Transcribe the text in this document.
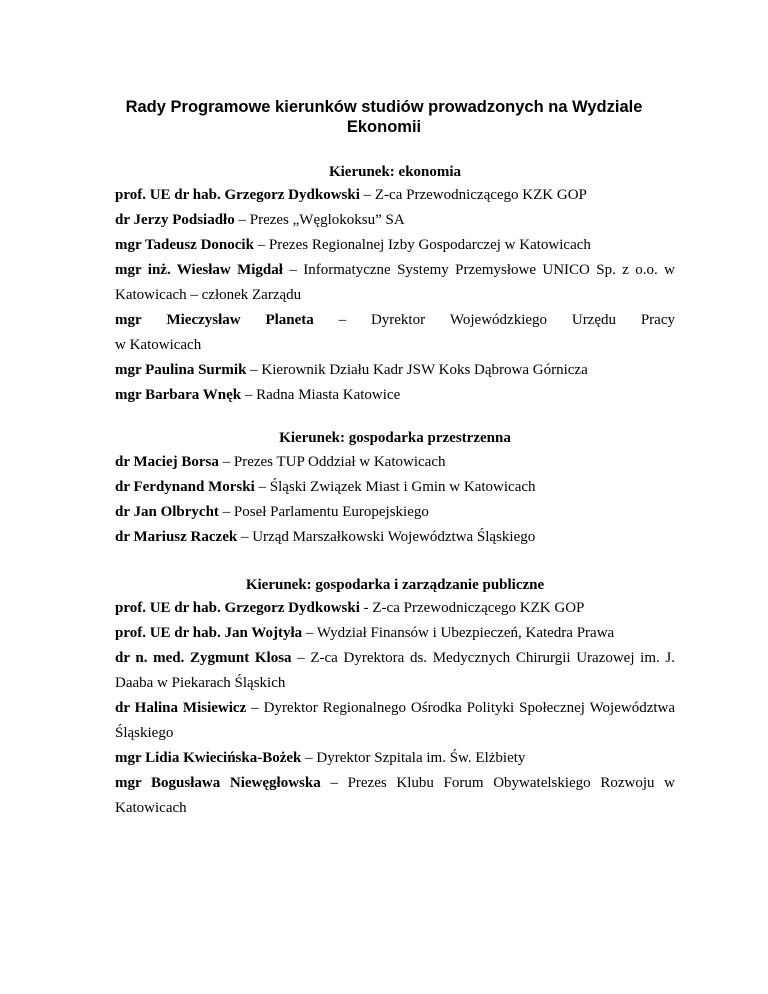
Rady Programowe kierunków studiów prowadzonych na Wydziale Ekonomii
Kierunek: ekonomia
prof. UE dr hab. Grzegorz Dydkowski – Z-ca Przewodniczącego KZK GOP
dr Jerzy Podsiadło – Prezes „Węglokoksu” SA
mgr Tadeusz Donocik – Prezes Regionalnej Izby Gospodarczej w Katowicach
mgr inż. Wiesław Migdał – Informatyczne Systemy Przemysłowe UNICO Sp. z o.o. w Katowicach – członek Zarządu
mgr Mieczysław Planeta – Dyrektor Wojewódzkiego Urzędu Pracy
w Katowicach
mgr Paulina Surmik – Kierownik Działu Kadr JSW Koks Dąbrowa Górnicza
mgr Barbara Wnęk – Radna Miasta Katowice
Kierunek: gospodarka przestrzenna
dr Maciej Borsa – Prezes TUP Oddział w Katowicach
dr Ferdynand Morski – Śląski Związek Miast i Gmin w Katowicach
dr Jan Olbrycht – Poseł Parlamentu Europejskiego
dr Mariusz Raczek – Urząd Marszałkowski Województwa Śląskiego
Kierunek: gospodarka i zarządzanie publiczne
prof. UE dr hab. Grzegorz Dydkowski - Z-ca Przewodniczącego KZK GOP
prof. UE dr hab. Jan Wojtyła – Wydział Finansów i Ubezpieczeń, Katedra Prawa
dr n. med. Zygmunt Klosa – Z-ca Dyrektora ds. Medycznych Chirurgii Urazowej im. J. Daaba w Piekarach Śląskich
dr Halina Misiewicz – Dyrektor Regionalnego Ośrodka Polityki Społecznej Województwa Śląskiego
mgr Lidia Kwiecińska-Bożek – Dyrektor Szpitala im. Św. Elżbiety
mgr Bogusława Niewęgłowska – Prezes Klubu Forum Obywatelskiego Rozwoju w Katowicach
